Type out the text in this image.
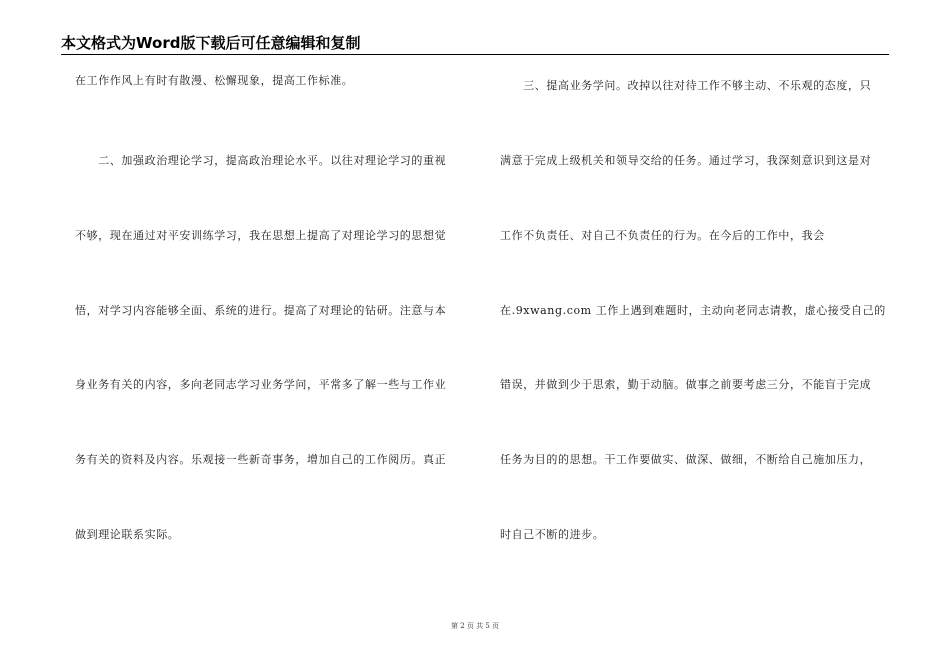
本文格式为Word版下载后可任意编辑和复制
在工作作风上有时有散漫、松懈现象，提高工作标准。
　　二、加强政治理论学习，提高政治理论水平。以往对理论学习的重视
不够，现在通过对平安训练学习，我在思想上提高了对理论学习的思想觉
悟，对学习内容能够全面、系统的进行。提高了对理论的钻研。注意与本
身业务有关的内容，多向老同志学习业务学问，平常多了解一些与工作业
务有关的资料及内容。乐观接一些新奇事务，增加自己的工作阅历。真正
做到理论联系实际。
　　三、提高业务学问。改掉以往对待工作不够主动、不乐观的态度，只
满意于完成上级机关和领导交给的任务。通过学习，我深刻意识到这是对
工作不负责任、对自己不负责任的行为。在今后的工作中，我会
在.9xwang.com 工作上遇到难题时，主动向老同志请教，虚心接受自己的
错误，并做到少于思索，勤于动脑。做事之前要考虑三分，不能盲于完成
任务为目的的思想。干工作要做实、做深、做细，不断给自己施加压力，
时自己不断的进步。
第 2 页 共 5 页
